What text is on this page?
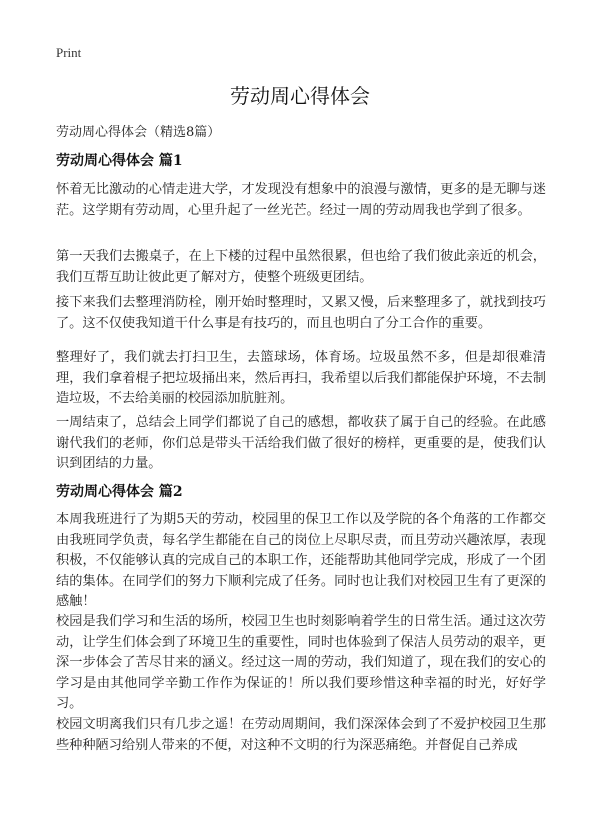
Print
劳动周心得体会

劳动周心得体会（精选8篇）

劳动周心得体会 篇1

怀着无比激动的心情走进大学，才发现没有想象中的浪漫与激情，更多的是无聊与迷茫。这学期有劳动周，心里升起了一丝光芒。经过一周的劳动周我也学到了很多。

第一天我们去搬桌子，在上下楼的过程中虽然很累，但也给了我们彼此亲近的机会，我们互帮互助让彼此更了解对方，使整个班级更团结。

接下来我们去整理消防栓，刚开始时整理时，又累又慢，后来整理多了，就找到技巧了。这不仅使我知道干什么事是有技巧的，而且也明白了分工合作的重要。

整理好了，我们就去打扫卫生，去篮球场，体育场。垃圾虽然不多，但是却很难清理，我们拿着棍子把垃圾捅出来，然后再扫，我希望以后我们都能保护环境，不去制造垃圾，不去给美丽的校园添加肮脏剂。

一周结束了，总结会上同学们都说了自己的感想，都收获了属于自己的经验。在此感谢代我们的老师，你们总是带头干活给我们做了很好的榜样，更重要的是，使我们认识到团结的力量。

劳动周心得体会 篇2

本周我班进行了为期5天的劳动，校园里的保卫工作以及学院的各个角落的工作都交由我班同学负责，每名学生都能在自己的岗位上尽职尽责，而且劳动兴趣浓厚，表现积极，不仅能够认真的完成自己的本职工作，还能帮助其他同学完成，形成了一个团结的集体。在同学们的努力下顺利完成了任务。同时也让我们对校园卫生有了更深的感触！

校园是我们学习和生活的场所，校园卫生也时刻影响着学生的日常生活。通过这次劳动，让学生们体会到了环境卫生的重要性，同时也体验到了保洁人员劳动的艰辛，更深一步体会了苦尽甘来的涵义。经过这一周的劳动，我们知道了，现在我们的安心的学习是由其他同学辛勤工作作为保证的！所以我们要珍惜这种幸福的时光，好好学习。

校园文明离我们只有几步之遥！在劳动周期间，我们深深体会到了不爱护校园卫生那些种种陋习给别人带来的不便，对这种不文明的行为深恶痛绝。并督促自己养成
